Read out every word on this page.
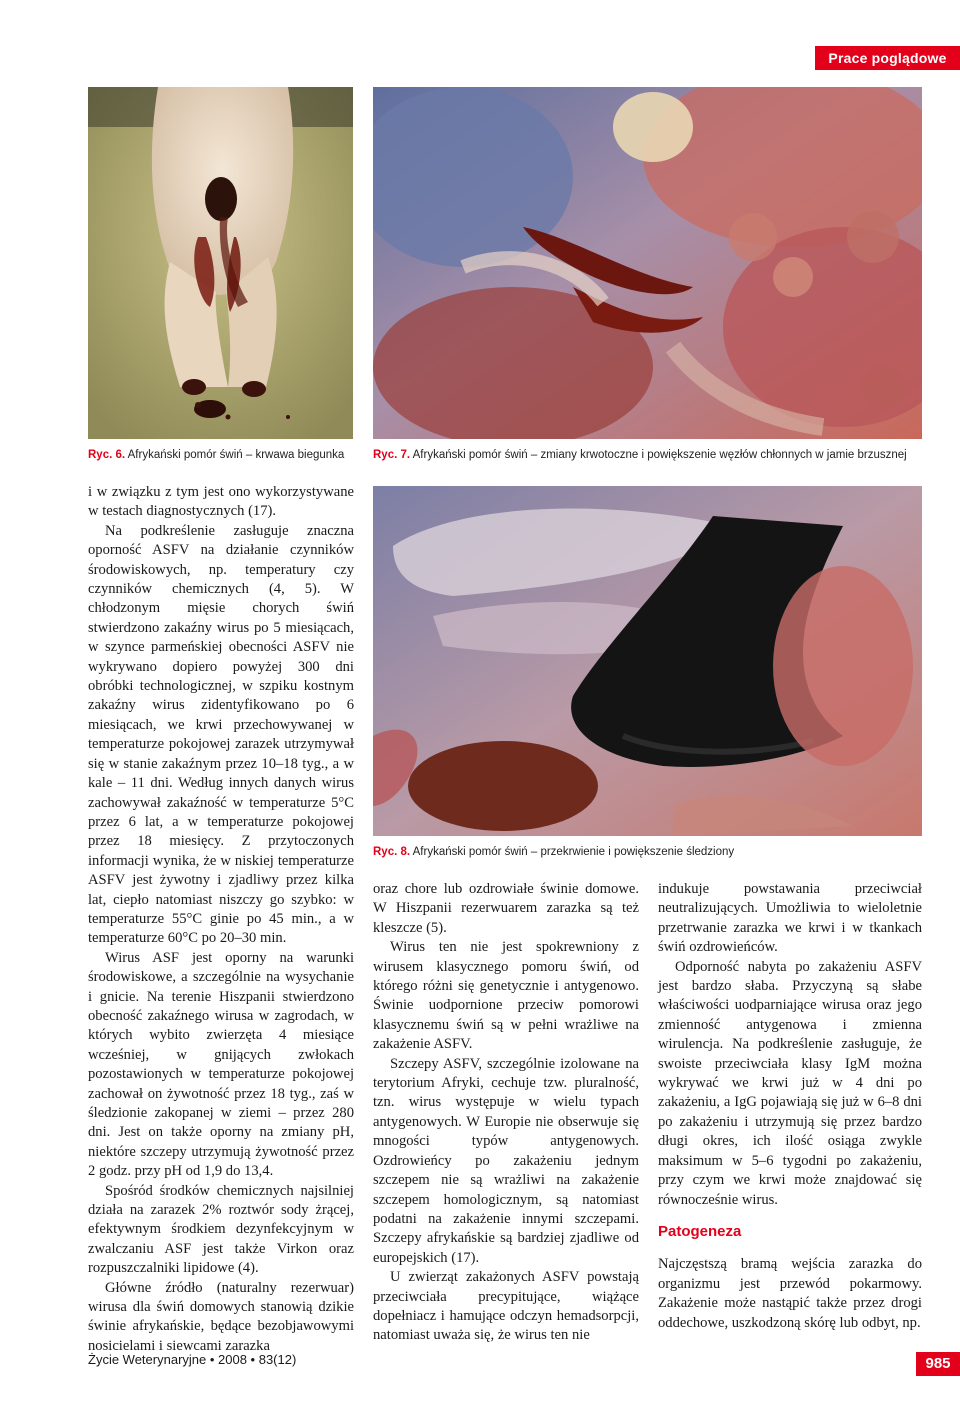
Prace poglądowe
Ryc. 6. Afrykański pomór świń – krwawa biegunka Ryc. 7. Afrykański pomór świń – zmiany krwotoczne i powiększenie węzłów chłonnych w jamie brzusznej
Ryc. 8. Afrykański pomór świń – przekrwienie i powiększenie śledziony

i w związku z tym jest ono wykorzystywane w testach diagnostycznych (17).

Na podkreślenie zasługuje znaczna oporność ASFV na działanie czynników środowiskowych, np. temperatury czy czynników chemicznych (4, 5). W chłodzonym mięsie chorych świń stwierdzono zakaźny wirus po 5 miesiącach, w szynce parmeńskiej obecności ASFV nie wykrywano dopiero powyżej 300 dni obróbki technologicznej, w szpiku kostnym zakaźny wirus zidentyfikowano po 6 miesiącach, we krwi przechowywanej w temperaturze pokojowej zarazek utrzymywał się w stanie zakaźnym przez 10–18 tyg., a w kale – 11 dni. Według innych danych wirus zachowywał zakaźność w temperaturze 5°C przez 6 lat, a w temperaturze pokojowej przez 18 miesięcy. Z przytoczonych informacji wynika, że w niskiej temperaturze ASFV jest żywotny i zjadliwy przez kilka lat, ciepło natomiast niszczy go szybko: w temperaturze 55°C ginie po 45 min., a w temperaturze 60°C po 20–30 min.

Wirus ASF jest oporny na warunki środowiskowe, a szczególnie na wysychanie i gnicie. Na terenie Hiszpanii stwierdzono obecność zakaźnego wirusa w zagrodach, w których wybito zwierzęta 4 miesiące wcześniej, w gnijących zwłokach pozostawionych w temperaturze pokojowej zachował on żywotność przez 18 tyg., zaś w śledzionie zakopanej w ziemi – przez 280 dni. Jest on także oporny na zmiany pH, niektóre szczepy utrzymują żywotność przez 2 godz. przy pH od 1,9 do 13,4.

Spośród środków chemicznych najsilniej działa na zarazek 2% roztwór sody żrącej, efektywnym środkiem dezynfekcyjnym w zwalczaniu ASF jest także Virkon oraz rozpuszczalniki lipidowe (4).

Główne źródło (naturalny rezerwuar) wirusa dla świń domowych stanowią dzikie świnie afrykańskie, będące bezobjawowymi nosicielami i siewcami zarazka

oraz chore lub ozdrowiałe świnie domowe. W Hiszpanii rezerwuarem zarazka są też kleszcze (5).

Wirus ten nie jest spokrewniony z wirusem klasycznego pomoru świń, od którego różni się genetycznie i antygenowo. Świnie uodpornione przeciw pomorowi klasycznemu świń są w pełni wrażliwe na zakażenie ASFV.

Szczepy ASFV, szczególnie izolowane na terytorium Afryki, cechuje tzw. pluralność, tzn. wirus występuje w wielu typach antygenowych. W Europie nie obserwuje się mnogości typów antygenowych. Ozdrowieńcy po zakażeniu jednym szczepem nie są wrażliwi na zakażenie szczepem homologicznym, są natomiast podatni na zakażenie innymi szczepami. Szczepy afrykańskie są bardziej zjadliwe od europejskich (17).

U zwierząt zakażonych ASFV powstają przeciwciała precypitujące, wiążące dopełniacz i hamujące odczyn hemadsorpcji, natomiast uważa się, że wirus ten nie

indukuje powstawania przeciwciał neutralizujących. Umożliwia to wieloletnie przetrwanie zarazka we krwi i w tkankach świń ozdrowieńców.

Odporność nabyta po zakażeniu ASFV jest bardzo słaba. Przyczyną są słabe właściwości uodparniające wirusa oraz jego zmienność antygenowa i zmienna wirulencja. Na podkreślenie zasługuje, że swoiste przeciwciała klasy IgM można wykrywać we krwi już w 4 dni po zakażeniu, a IgG pojawiają się już w 6–8 dni po zakażeniu i utrzymują się przez bardzo długi okres, ich ilość osiąga zwykle maksimum w 5–6 tygodni po zakażeniu, przy czym we krwi może znajdować się równocześnie wirus.

Patogeneza

Najczęstszą bramą wejścia zarazka do organizmu jest przewód pokarmowy. Zakażenie może nastąpić także przez drogi oddechowe, uszkodzoną skórę lub odbyt, np.

Życie Weterynaryjne • 2008 • 83(12)	985
